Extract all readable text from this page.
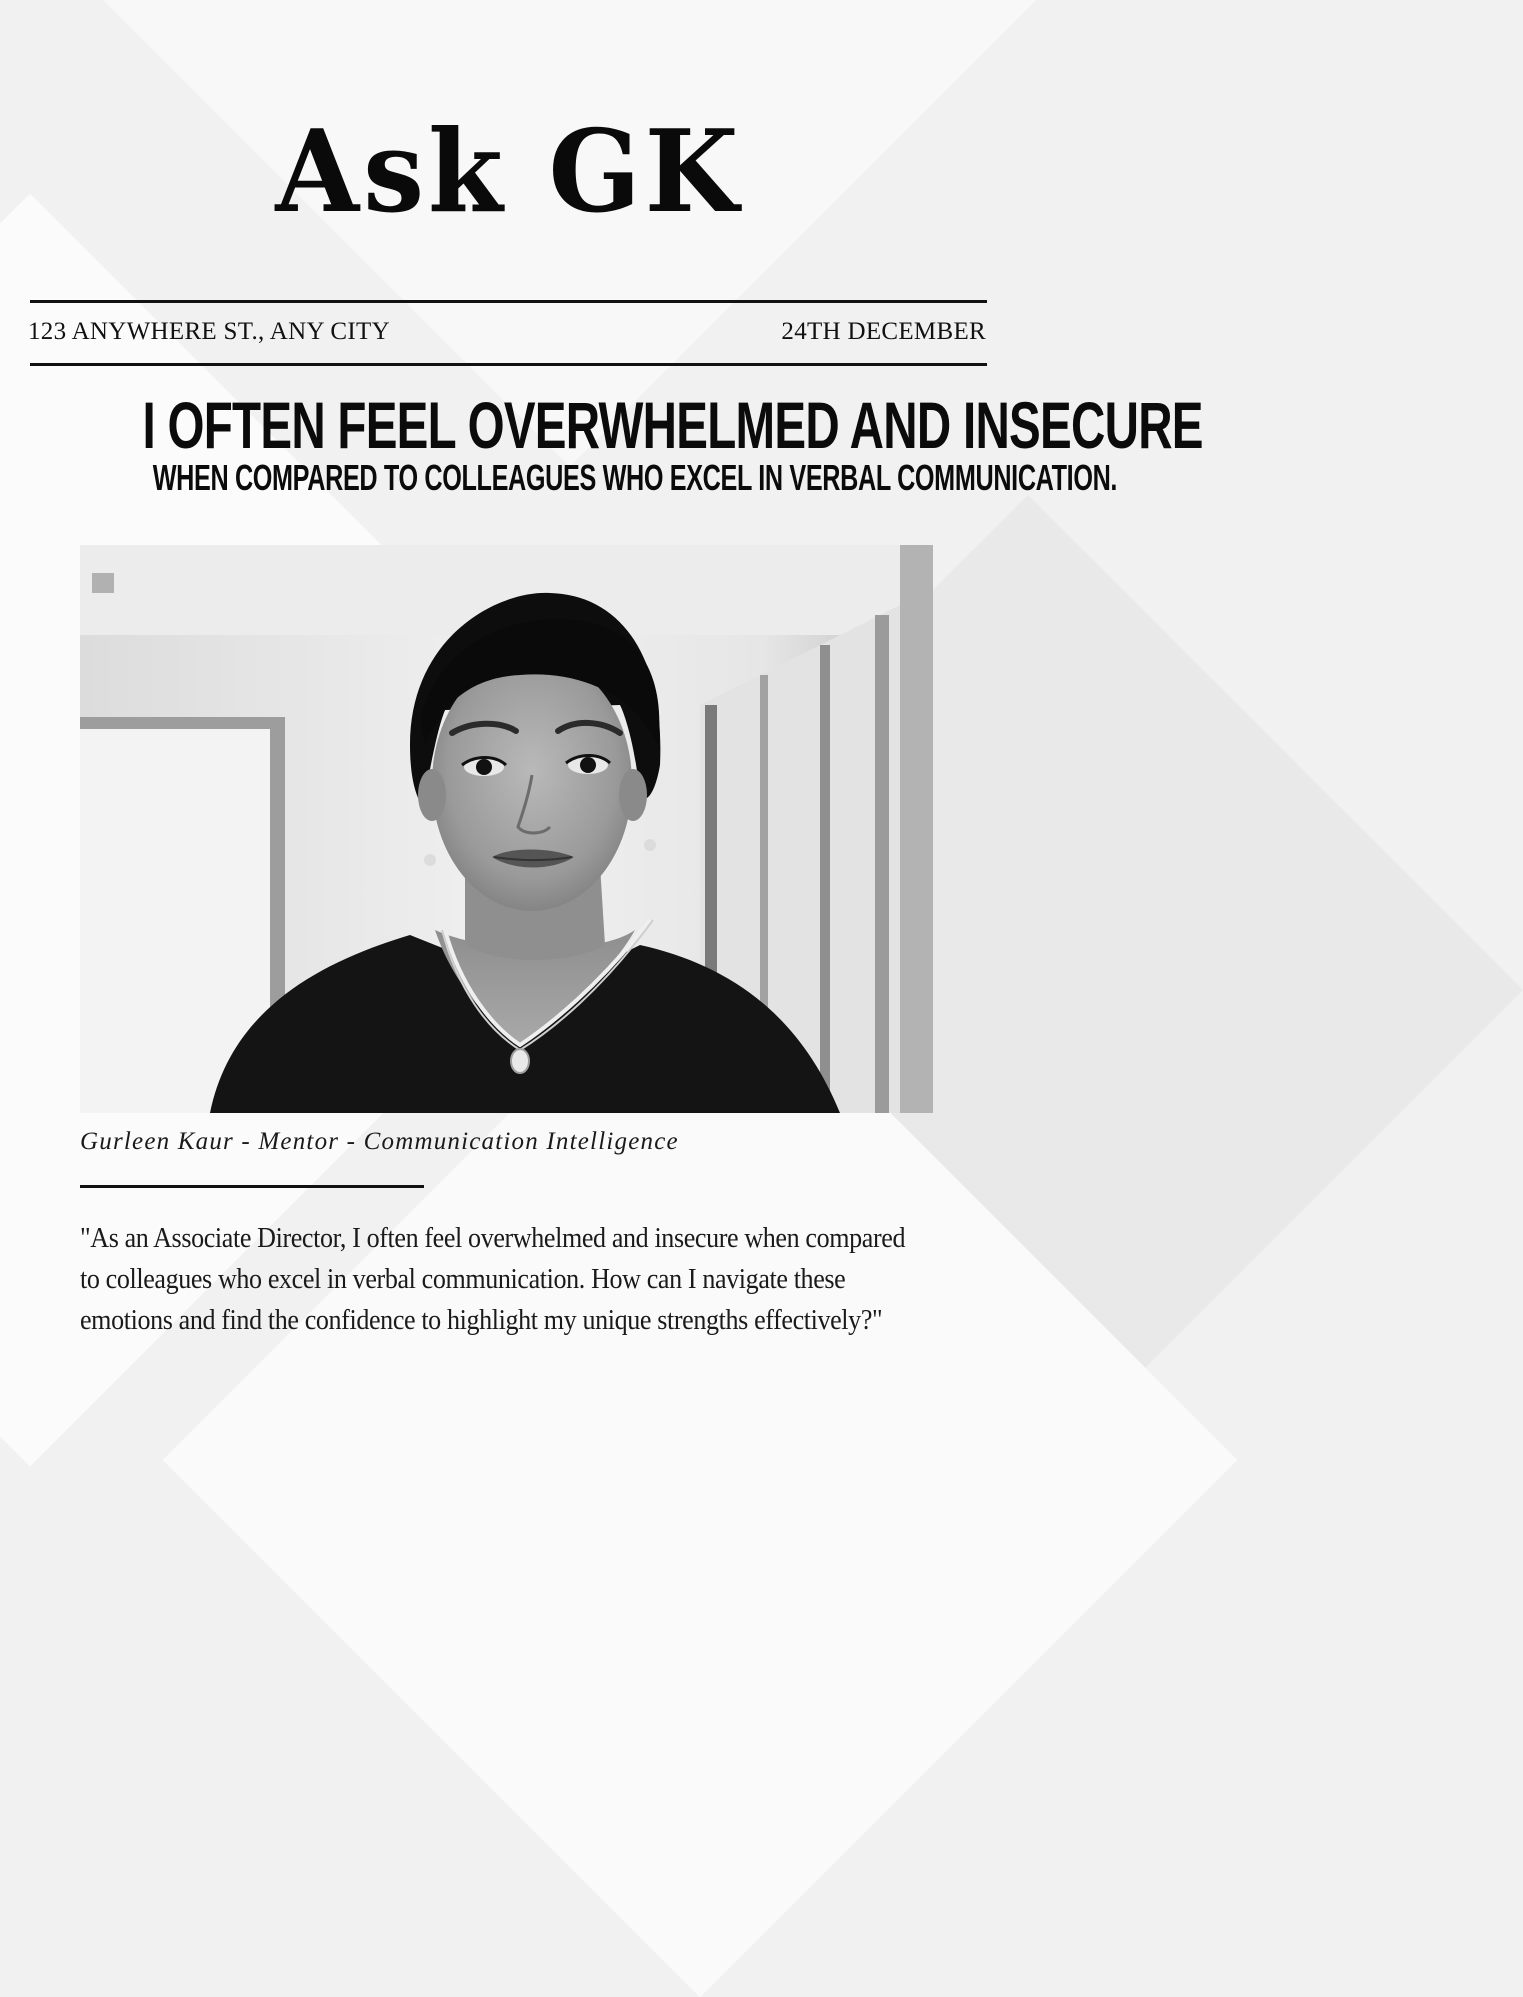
Ask GK
123 ANYWHERE ST., ANY CITY	24TH DECEMBER
I OFTEN FEEL OVERWHELMED AND INSECURE
WHEN COMPARED TO COLLEAGUES WHO EXCEL IN VERBAL COMMUNICATION.
Gurleen Kaur - Mentor - Communication Intelligence
"As an Associate Director, I often feel overwhelmed and insecure when compared to colleagues who excel in verbal communication. How can I navigate these emotions and find the confidence to highlight my unique strengths effectively?"
